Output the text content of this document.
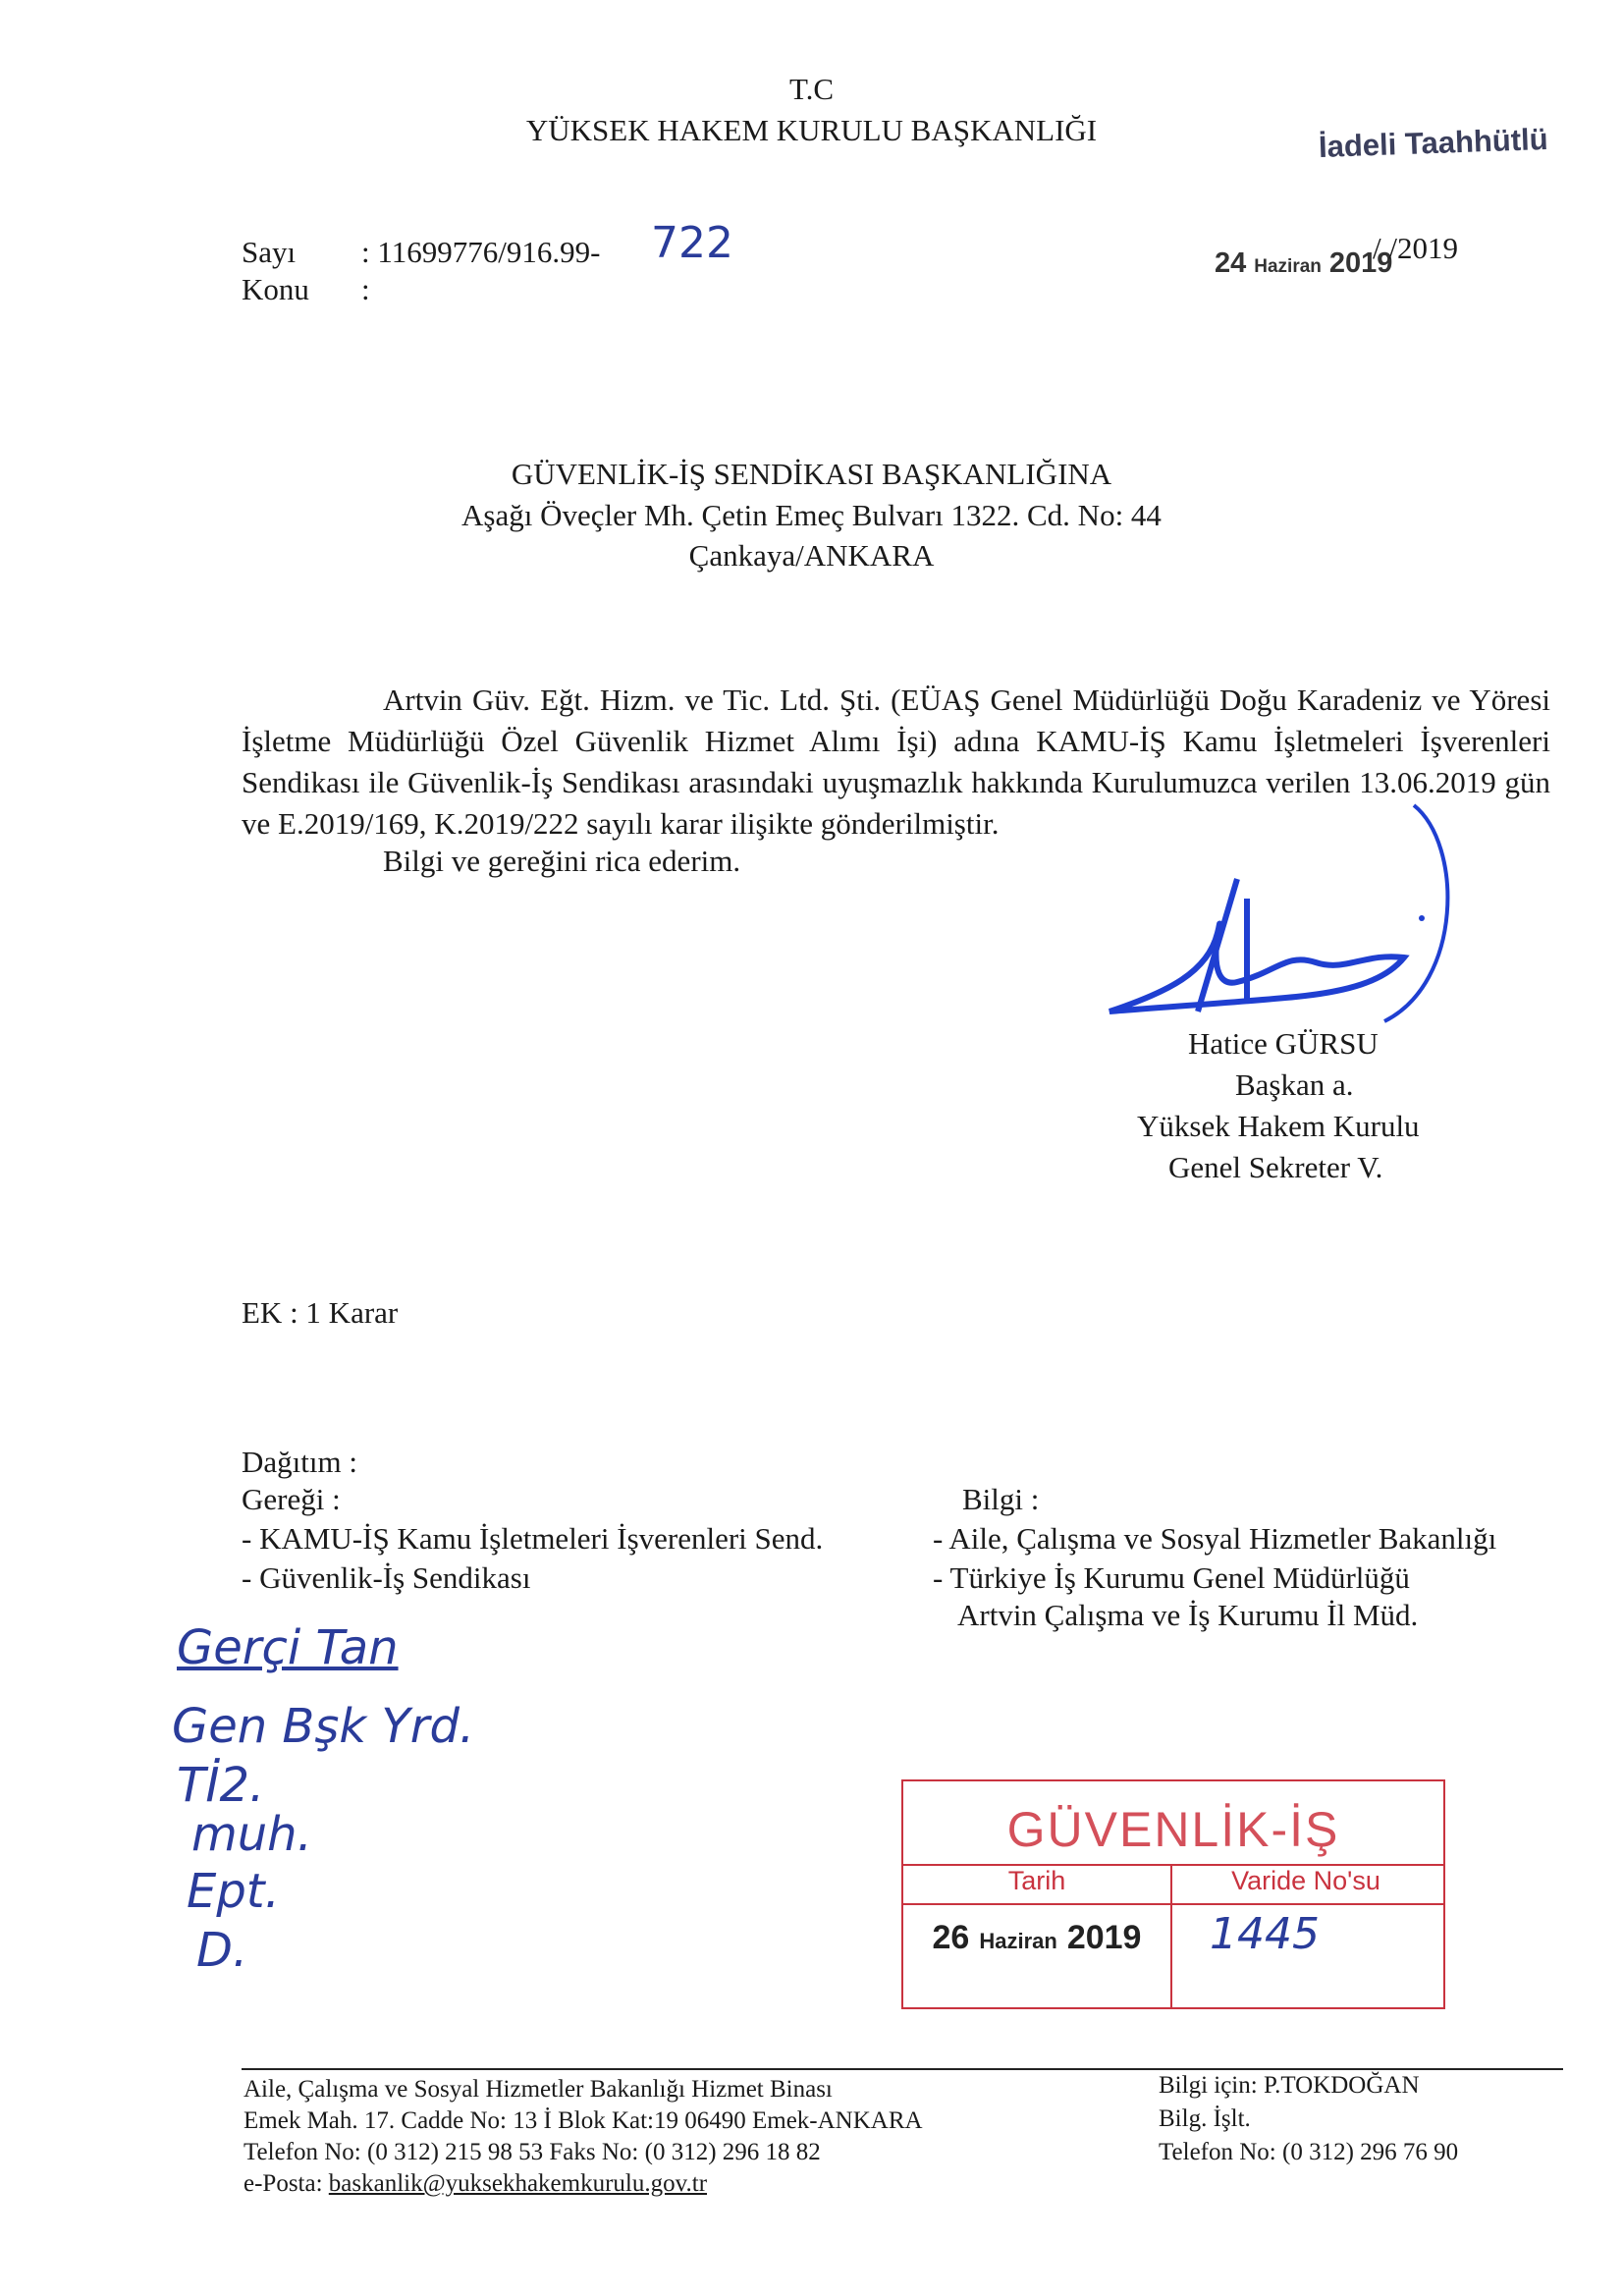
T.C
YÜKSEK HAKEM KURULU BAŞKANLIĞI	İadeli Taahhütlü
Sayı : 11699776/916.99- 722
Konu :
24 Haziran 2019
/ /2019
GÜVENLİK-İŞ SENDİKASI BAŞKANLIĞINA
Aşağı Öveçler Mh. Çetin Emeç Bulvarı 1322. Cd. No: 44
Çankaya/ANKARA
Artvin Güv. Eğt. Hizm. ve Tic. Ltd. Şti. (EÜAŞ Genel Müdürlüğü Doğu Karadeniz ve Yöresi İşletme Müdürlüğü Özel Güvenlik Hizmet Alımı İşi) adına KAMU-İŞ Kamu İşletmeleri İşverenleri Sendikası ile Güvenlik-İş Sendikası arasındaki uyuşmazlık hakkında Kurulumuzca verilen 13.06.2019 gün ve E.2019/169, K.2019/222 sayılı karar ilişikte gönderilmiştir.
Bilgi ve gereğini rica ederim.
Hatice GÜRSU
Başkan a.
Yüksek Hakem Kurulu
Genel Sekreter V.
EK : 1 Karar
Dağıtım :
Gereği :
- KAMU-İŞ Kamu İşletmeleri İşverenleri Send.
- Güvenlik-İş Sendikası
Bilgi :
- Aile, Çalışma ve Sosyal Hizmetler Bakanlığı
- Türkiye İş Kurumu Genel Müdürlüğü
Artvin Çalışma ve İş Kurumu İl Müd.
Gerçi Tan
Gen Bşk Yrd.
Tİ2.
muh.
Ept.
D.
GÜVENLİK-İŞ
Tarih	Varide No'su
26 Haziran 2019	1445
Aile, Çalışma ve Sosyal Hizmetler Bakanlığı Hizmet Binası
Emek Mah. 17. Cadde No: 13 İ Blok Kat:19 06490 Emek-ANKARA
Telefon No: (0 312) 215 98 53 Faks No: (0 312) 296 18 82
e-Posta: baskanlik@yuksekhakemkurulu.gov.tr
Bilgi için: P.TOKDOĞAN
Bilg. İşlt.
Telefon No: (0 312) 296 76 90
